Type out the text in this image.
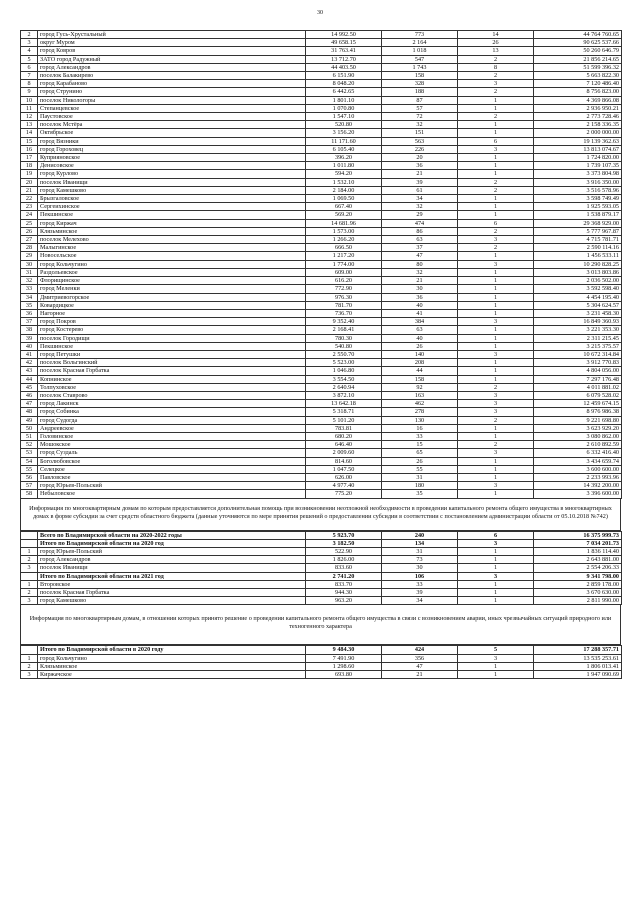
30
2	город Гусь-Хрустальный	14 992.50	773	14	44 764 760.65
3	округ Муром	49 658.15	2 164	26	90 625 537.66
4	город Ковров	31 763.41	1 018	13	50 260 646.79
5	ЗАТО город Радужный	13 712.70	547	2	21 856 214.65
6	город Александров	44 403.50	1 743	8	51 599 396.32
7	поселок Балакирево	6 151.90	158	2	5 663 822.30
8	город Карабаново	8 048.20	328	3	7 120 486.40
9	город Струнино	6 442.65	188	2	8 756 823.00
10	поселок Никологоры	1 801.10	87	1	4 369 866.08
11	Степанцевское	1 070.80	57	1	2 936 950.21
12	Паустовское	1 547.10	72	2	2 773 728.46
13	поселок Мстёра	520.80	32	1	2 158 336.35
14	Октябрьское	3 156.20	151	1	2 000 000.00
15	город Вязники	11 171.60	563	6	19 139 362.63
16	город Гороховец	6 105.40	226	3	13 813 074.67
17	Куприяновское	396.20	20	1	1 724 820.00
18	Денисовское	1 011.80	36	1	1 739 107.35
19	город Курлово	594.20	21	1	3 373 804.98
20	поселок Иванищи	1 532.10	39	2	3 916 350.00
21	город Камешково	2 184.00	61	2	3 516 578.96
22	Брызгаловское	1 069.50	34	1	3 598 749.49
23	Сергеихинское	667.40	32	1	1 925 593.05
24	Пекшинское	569.20	29	1	1 538 879.17
25	город Киржач	14 681.96	474	6	29 368 929.00
26	Клязьминское	1 573.00	86	2	5 777 967.87
27	поселок Мелехово	1 266.20	63	3	4 715 781.71
28	Малыгинское	666.50	37	2	2 590 114.16
29	Новосельское	1 217.20	47	1	1 456 533.11
30	город Кольчугино	1 774.00	80	3	10 290 828.25
31	Раздольевское	609.00	32	1	3 013 803.86
32	Флорищинское	616.20	21	1	2 036 502.00
33	город Меленки	772.90	30	1	3 592 598.40
34	Дмитриевогорское	976.30	36	1	4 454 195.40
35	Ковардицкое	781.70	40	1	5 304 624.57
36	Нагорное	736.70	41	1	3 231 458.30
37	город Покров	9 352.40	384	3	16 849 360.93
38	город Костерево	2 168.41	63	1	3 221 353.30
39	поселок Городищи	780.30	40	1	2 311 215.45
40	Пекшинское	540.80	26	1	3 215 375.57
41	город Петушки	2 550.70	140	3	10 672 314.84
42	поселок Вольгинский	5 523.00	208	1	3 912 770.83
43	поселок Красная Горбатка	1 046.80	44	1	4 804 056.00
44	Копнинское	3 554.50	158	1	7 297 176.48
45	Толпуховское	2 640.94	92	2	4 011 881.02
46	поселок Ставрово	3 872.10	163	3	6 079 528.02
47	город Лакинск	13 642.18	462	3	12 459 674.15
48	город Собинка	5 318.71	278	3	8 976 986.38
49	город Судогда	5 101.20	130	2	9 221 698.80
50	Андреевское	783.81	16	1	3 623 929.20
51	Головинское	680.20	33	1	3 080 862.00
52	Мошокское	646.40	15	2	2 610 892.59
53	город Суздаль	2 009.60	65	3	6 332 416.40
54	Боголюбовское	814.60	26	1	3 434 659.74
55	Селецкое	1 047.50	55	1	3 600 600.00
56	Павловское	626.00	31	1	2 233 993.96
57	город Юрьев-Польский	4 977.40	180	3	14 392 200.00
58	Небыловское	775.20	35	1	3 396 600.00
Информация по многоквартирным домам по которым предоставляется дополнительная помощь при возникновении неотложной необходимости в проведении капитального ремонта общего имущества в многоквартирных домах в форме субсидии за счет средств областного бюджета (данные уточняются по мере принятия решений о предоставлении субсидии в соответствии с постановлением администрации области от 05.10.2018 №742)
	Всего по Владимирской области на 2020-2022 годы	5 923.70	240	6	16 375 999.73
	Итого по Владимирской области на 2020 год	3 182.50	134	3	7 034 201.73
1	город Юрьев-Польский	522.90	31	1	1 836 114.40
2	город Александров	1 826.00	73	1	2 643 881.00
3	поселок Иванищи	833.60	30	1	2 554 206.33
	Итого по Владимирской области на 2021 год	2 741.20	106	3	9 341 798.00
1	Второвское	833.70	33	1	2 859 178.00
2	поселок Красная Горбатка	944.30	39	1	3 670 630.00
3	город Камешково	963.20	34	1	2 811 990.00
Информация по многоквартирным домам, в отношении которых принято решение о проведении капитального ремонта общего имущества в связи с возникновением аварии, иных чрезвычайных ситуаций природного или техногенного характера
	Итого по Владимирской области в 2020 году	9 484.30	424	5	17 288 357.71
1	город Кольчугино	7 491.90	356	3	13 535 253.61
2	Клязьминское	1 298.60	47	1	1 806 013.41
3	Киржачское	693.80	21	1	1 947 090.69
